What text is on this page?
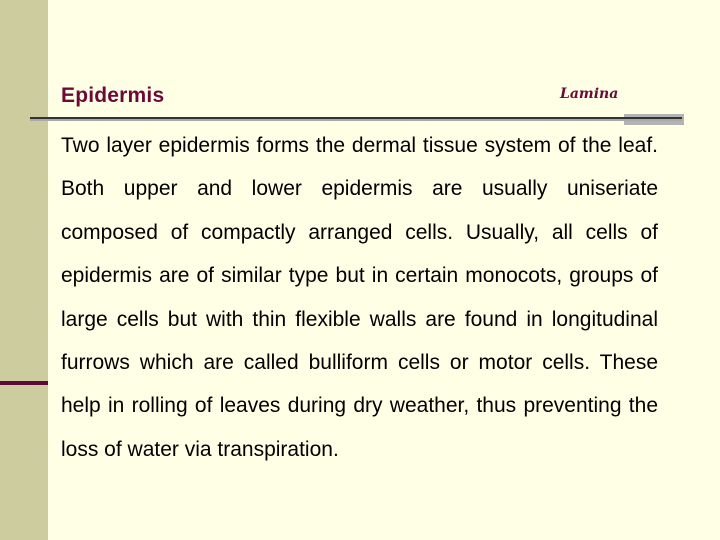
Epidermis	Lamina

Two layer epidermis forms the dermal tissue system of the leaf. Both upper and lower epidermis are usually uniseriate composed of compactly arranged cells. Usually, all cells of epidermis are of similar type but in certain monocots, groups of large cells but with thin flexible walls are found in longitudinal furrows which are called bulliform cells or motor cells. These help in rolling of leaves during dry weather, thus preventing the loss of water via transpiration.
